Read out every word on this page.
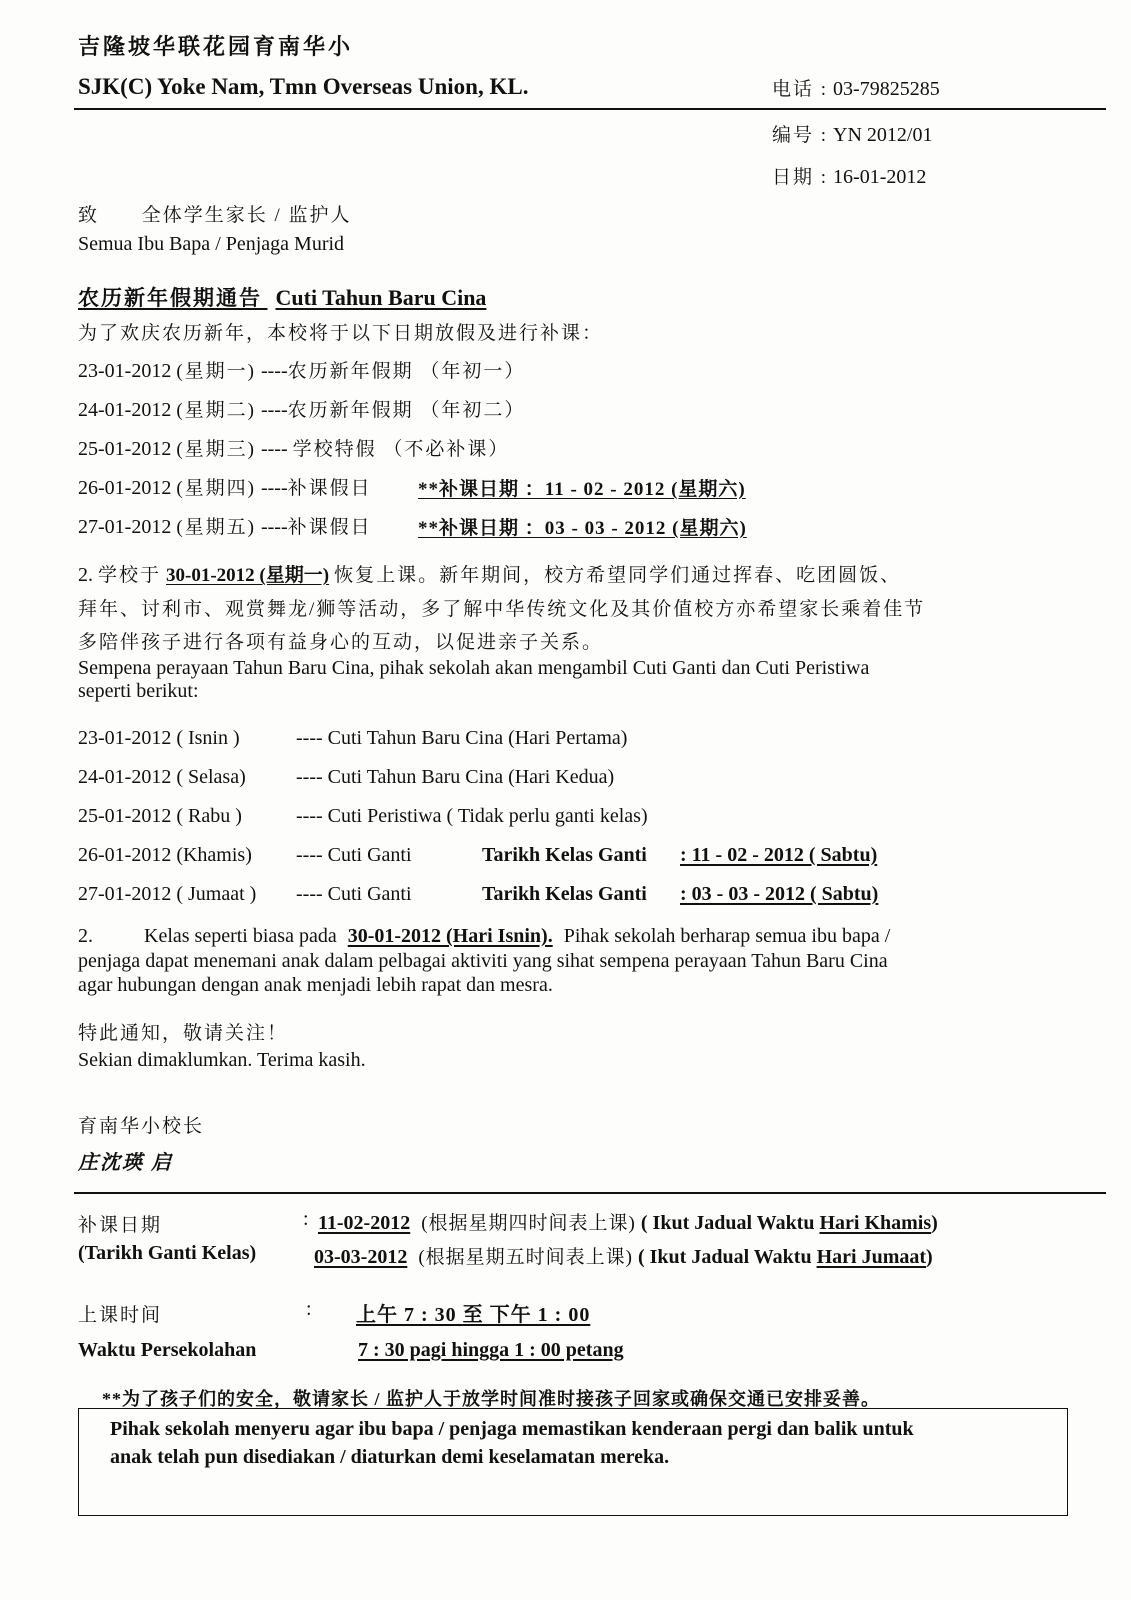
吉隆坡华联花园育南华小
SJK(C) Yoke Nam, Tmn Overseas Union, KL.	电话 : 03-79825285
编号 : YN 2012/01
日期 : 16-01-2012
致 全体学生家长 / 监护人
Semua Ibu Bapa / Penjaga Murid
农历新年假期通告 Cuti Tahun Baru Cina
为了欢庆农历新年，本校将于以下日期放假及进行补课：
23-01-2012 (星期一) ----农历新年假期 （年初一）
24-01-2012 (星期二) ----农历新年假期 （年初二）
25-01-2012 (星期三) ---- 学校特假 （不必补课）
26-01-2012 (星期四) ----补课假日 **补课日期 ：11 - 02 - 2012 (星期六)
27-01-2012 (星期五) ----补课假日 **补课日期 ：03 - 03 - 2012 (星期六)
2. 学校于 30-01-2012 (星期一) 恢复上课。新年期间，校方希望同学们通过挥春、吃团圆饭、
拜年、讨利市、观赏舞龙/狮等活动，多了解中华传统文化及其价值校方亦希望家长乘着佳节
多陪伴孩子进行各项有益身心的互动，以促进亲子关系。
Sempena perayaan Tahun Baru Cina, pihak sekolah akan mengambil Cuti Ganti dan Cuti Peristiwa
seperti berikut:
23-01-2012 ( Isnin )	---- Cuti Tahun Baru Cina (Hari Pertama)
24-01-2012 ( Selasa)	---- Cuti Tahun Baru Cina (Hari Kedua)
25-01-2012 ( Rabu )	---- Cuti Peristiwa ( Tidak perlu ganti kelas)
26-01-2012 (Khamis) ---- Cuti Ganti	Tarikh Kelas Ganti : 11 - 02 - 2012 ( Sabtu)
27-01-2012 ( Jumaat ) ---- Cuti Ganti	Tarikh Kelas Ganti : 03 - 03 - 2012 ( Sabtu)
2.	Kelas seperti biasa pada 30-01-2012 (Hari Isnin). Pihak sekolah berharap semua ibu bapa /
penjaga dapat menemani anak dalam pelbagai aktiviti yang sihat sempena perayaan Tahun Baru Cina
agar hubungan dengan anak menjadi lebih rapat dan mesra.
特此通知，敬请关注！
Sekian dimaklumkan. Terima kasih.
育南华小校长
庄沈瑛 启
补课日期
(Tarikh Ganti Kelas)
: 11-02-2012 (根据星期四时间表上课) ( Ikut Jadual Waktu Hari Khamis)
03-03-2012 (根据星期五时间表上课) ( Ikut Jadual Waktu Hari Jumaat)
上课时间	: 上午 7 : 30 至 下午 1 : 00
Waktu Persekolahan	7 : 30 pagi hingga 1 : 00 petang
**为了孩子们的安全，敬请家长 / 监护人于放学时间准时接孩子回家或确保交通已安排妥善。
Pihak sekolah menyeru agar ibu bapa / penjaga memastikan kenderaan pergi dan balik untuk
anak telah pun disediakan / diaturkan demi keselamatan mereka.
